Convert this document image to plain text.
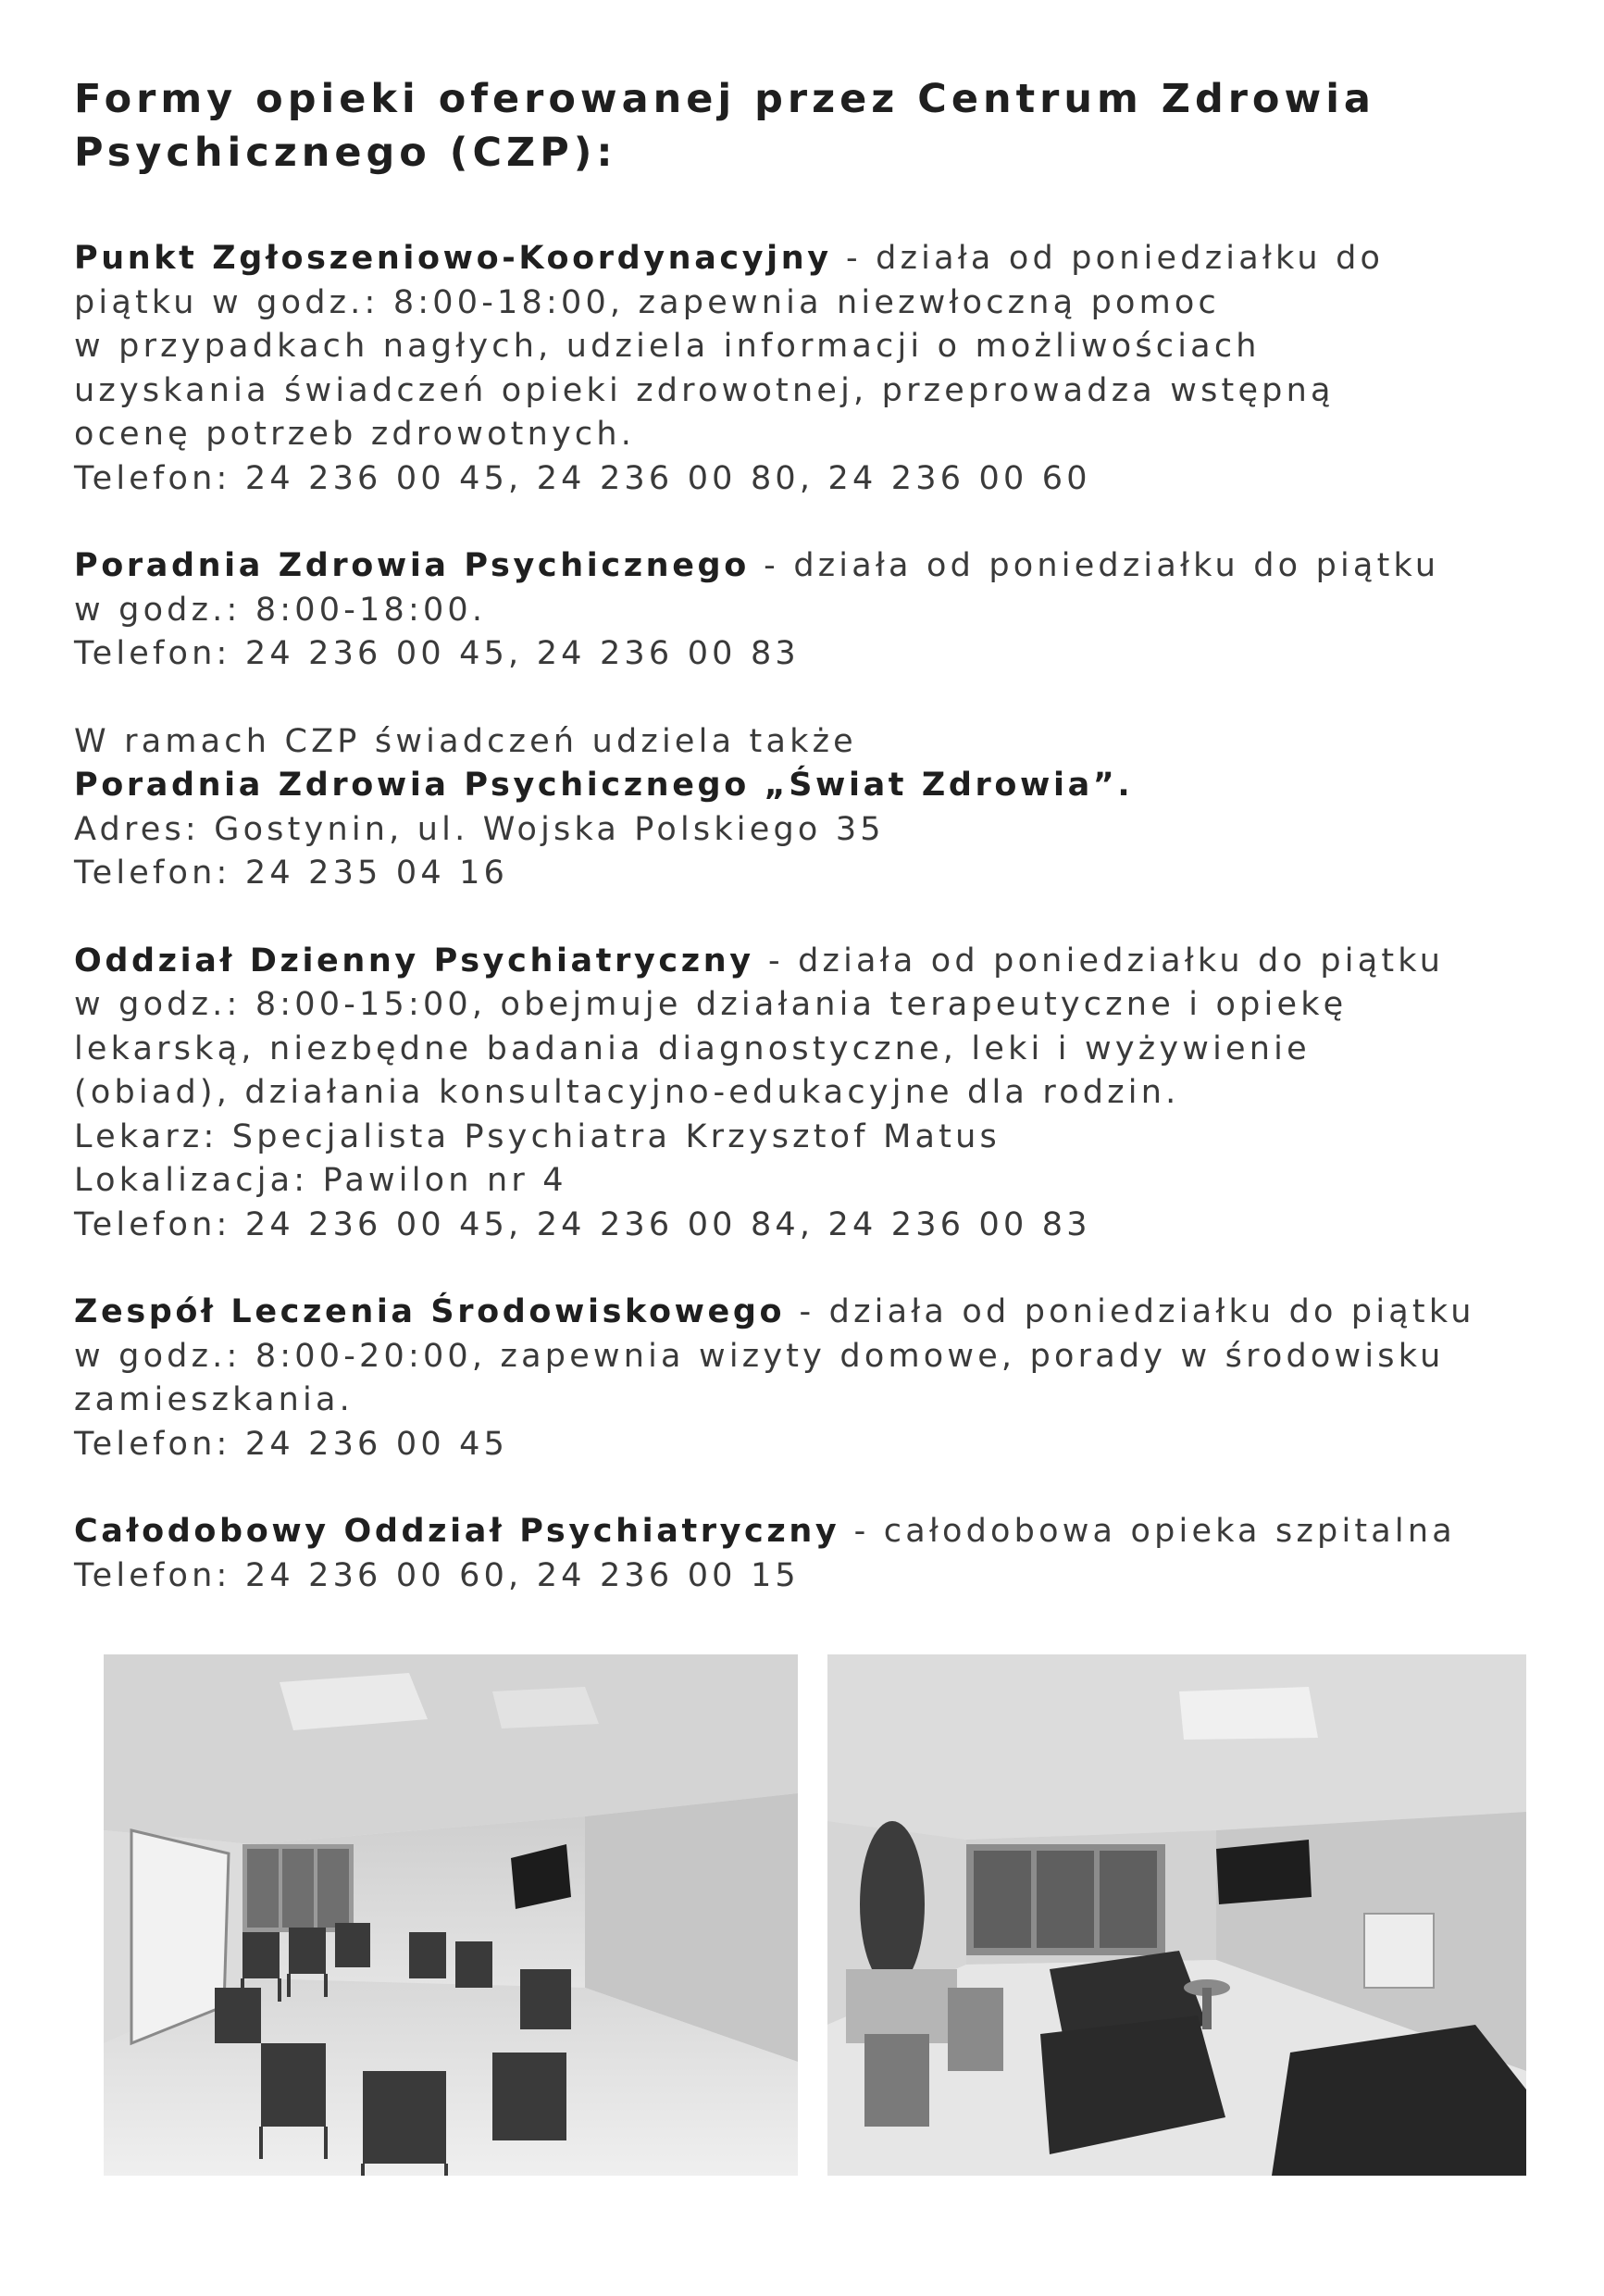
Formy opieki oferowanej przez Centrum Zdrowia Psychicznego (CZP):

Punkt Zgłoszeniowo-Koordynacyjny - działa od poniedziałku do

piątku w godz.: 8:00-18:00, zapewnia niezwłoczną pomoc

w przypadkach nagłych, udziela informacji o możliwościach

uzyskania świadczeń opieki zdrowotnej, przeprowadza wstępną

ocenę potrzeb zdrowotnych.

Telefon: 24 236 00 45, 24 236 00 80, 24 236 00 60

Poradnia Zdrowia Psychicznego - działa od poniedziałku do piątku

w godz.: 8:00-18:00.

Telefon: 24 236 00 45, 24 236 00 83

W ramach CZP świadczeń udziela także

Poradnia Zdrowia Psychicznego „Świat Zdrowia”.

Adres: Gostynin, ul. Wojska Polskiego 35

Telefon: 24 235 04 16

Oddział Dzienny Psychiatryczny - działa od poniedziałku do piątku

w godz.: 8:00-15:00, obejmuje działania terapeutyczne i opiekę

lekarską, niezbędne badania diagnostyczne, leki i wyżywienie

(obiad), działania konsultacyjno-edukacyjne dla rodzin.

Lekarz: Specjalista Psychiatra Krzysztof Matus

Lokalizacja: Pawilon nr 4

Telefon: 24 236 00 45, 24 236 00 84, 24 236 00 83

Zespół Leczenia Środowiskowego - działa od poniedziałku do piątku

w godz.: 8:00-20:00, zapewnia wizyty domowe, porady w środowisku

zamieszkania.

Telefon: 24 236 00 45

Całodobowy Oddział Psychiatryczny - całodobowa opieka szpitalna

Telefon: 24 236 00 60, 24 236 00 15
